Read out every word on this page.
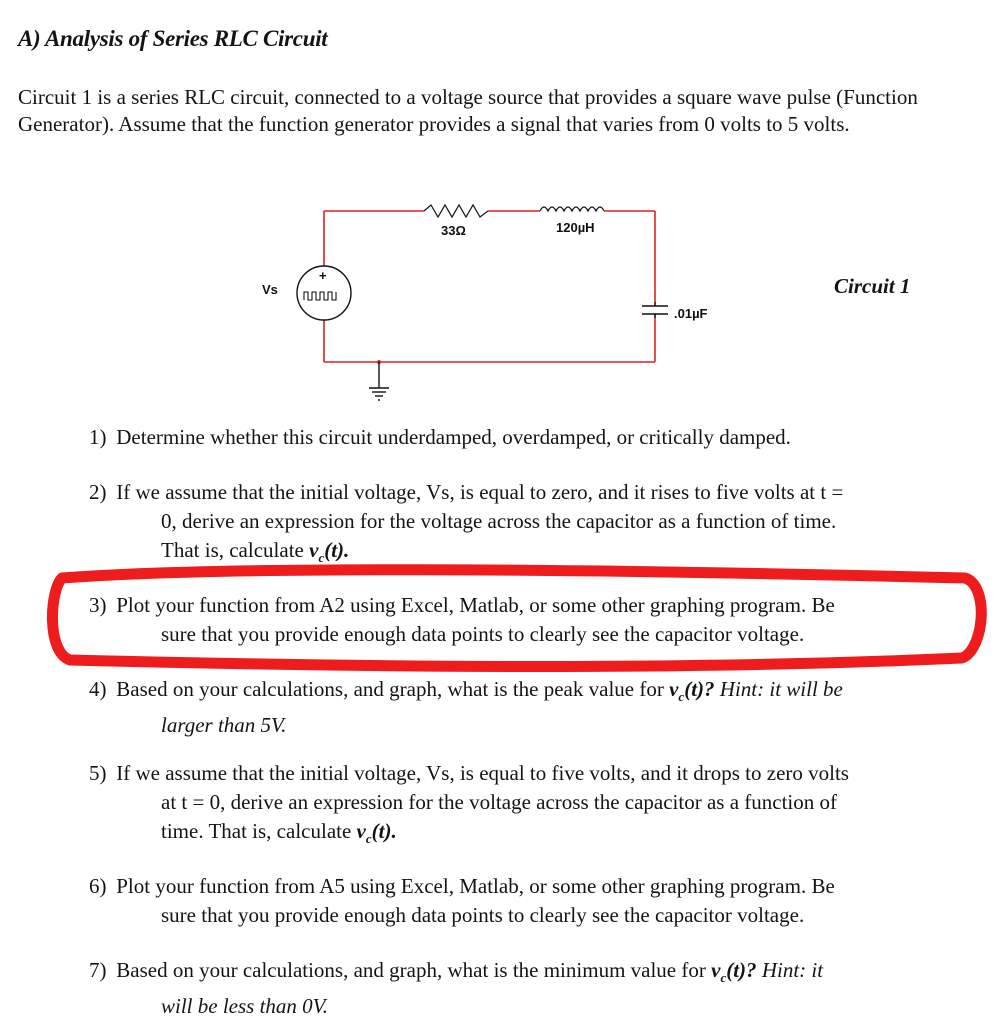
A) Analysis of Series RLC Circuit
Circuit 1 is a series RLC circuit, connected to a voltage source that provides a square wave pulse (Function Generator). Assume that the function generator provides a signal that varies from 0 volts to 5 volts.
+
Vs
33Ω	120µH
.01µF
Circuit 1
1) Determine whether this circuit underdamped, overdamped, or critically damped.
2) If we assume that the initial voltage, Vs, is equal to zero, and it rises to five volts at t =
0, derive an expression for the voltage across the capacitor as a function of time.
That is, calculate $v_c(t)$.
3) Plot your function from A2 using Excel, Matlab, or some other graphing program. Be
sure that you provide enough data points to clearly see the capacitor voltage.
4) Based on your calculations, and graph, what is the peak value for $v_c(t)$? Hint: it will be
larger than 5V.
5) If we assume that the initial voltage, Vs, is equal to five volts, and it drops to zero volts
at t = 0, derive an expression for the voltage across the capacitor as a function of
time. That is, calculate $v_c(t)$.
6) Plot your function from A5 using Excel, Matlab, or some other graphing program. Be
sure that you provide enough data points to clearly see the capacitor voltage.
7) Based on your calculations, and graph, what is the minimum value for $v_c(t)$? Hint: it
will be less than 0V.
